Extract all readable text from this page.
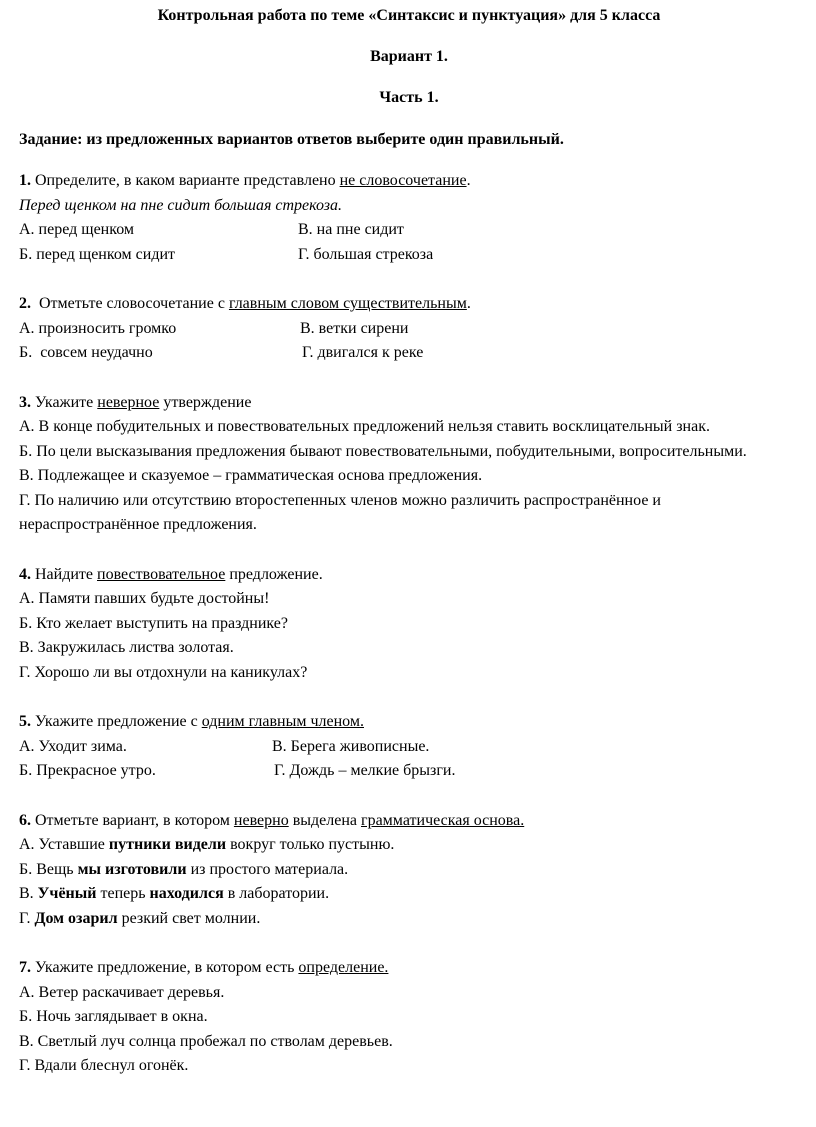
Контрольная работа по теме «Синтаксис и пунктуация» для 5 класса

Вариант 1.

Часть 1.

Задание: из предложенных вариантов ответов выберите один правильный.

1. Определите, в каком варианте представлено не словосочетание.

Перед щенком на пне сидит большая стрекоза.

А. перед щенком	В. на пне сидит
Б. перед щенком сидит	Г. большая стрекоза

2.  Отметьте словосочетание с главным словом существительным.

А. произносить громко	В. ветки сирени
Б.  совсем неудачно	Г. двигался к реке

3. Укажите неверное утверждение

А. В конце побудительных и повествовательных предложений нельзя ставить восклицательный знак.

Б. По цели высказывания предложения бывают повествовательными, побудительными, вопросительными.

В. Подлежащее и сказуемое – грамматическая основа предложения.

Г. По наличию или отсутствию второстепенных членов можно различить распространённое и нераспространённое предложения.

4. Найдите повествовательное предложение.

А. Памяти павших будьте достойны!

Б. Кто желает выступить на празднике?

В. Закружилась листва золотая.

Г. Хорошо ли вы отдохнули на каникулах?

5. Укажите предложение с одним главным членом.

А. Уходит зима.	В. Берега живописные.
Б. Прекрасное утро.	Г. Дождь – мелкие брызги.

6. Отметьте вариант, в котором неверно выделена грамматическая основа.

А. Уставшие путники видели вокруг только пустыню.

Б. Вещь мы изготовили из простого материала.

В. Учёный теперь находился в лаборатории.

Г. Дом озарил резкий свет молнии.

7. Укажите предложение, в котором есть определение.

А. Ветер раскачивает деревья.

Б. Ночь заглядывает в окна.

В. Светлый луч солнца пробежал по стволам деревьев.

Г. Вдали блеснул огонёк.
